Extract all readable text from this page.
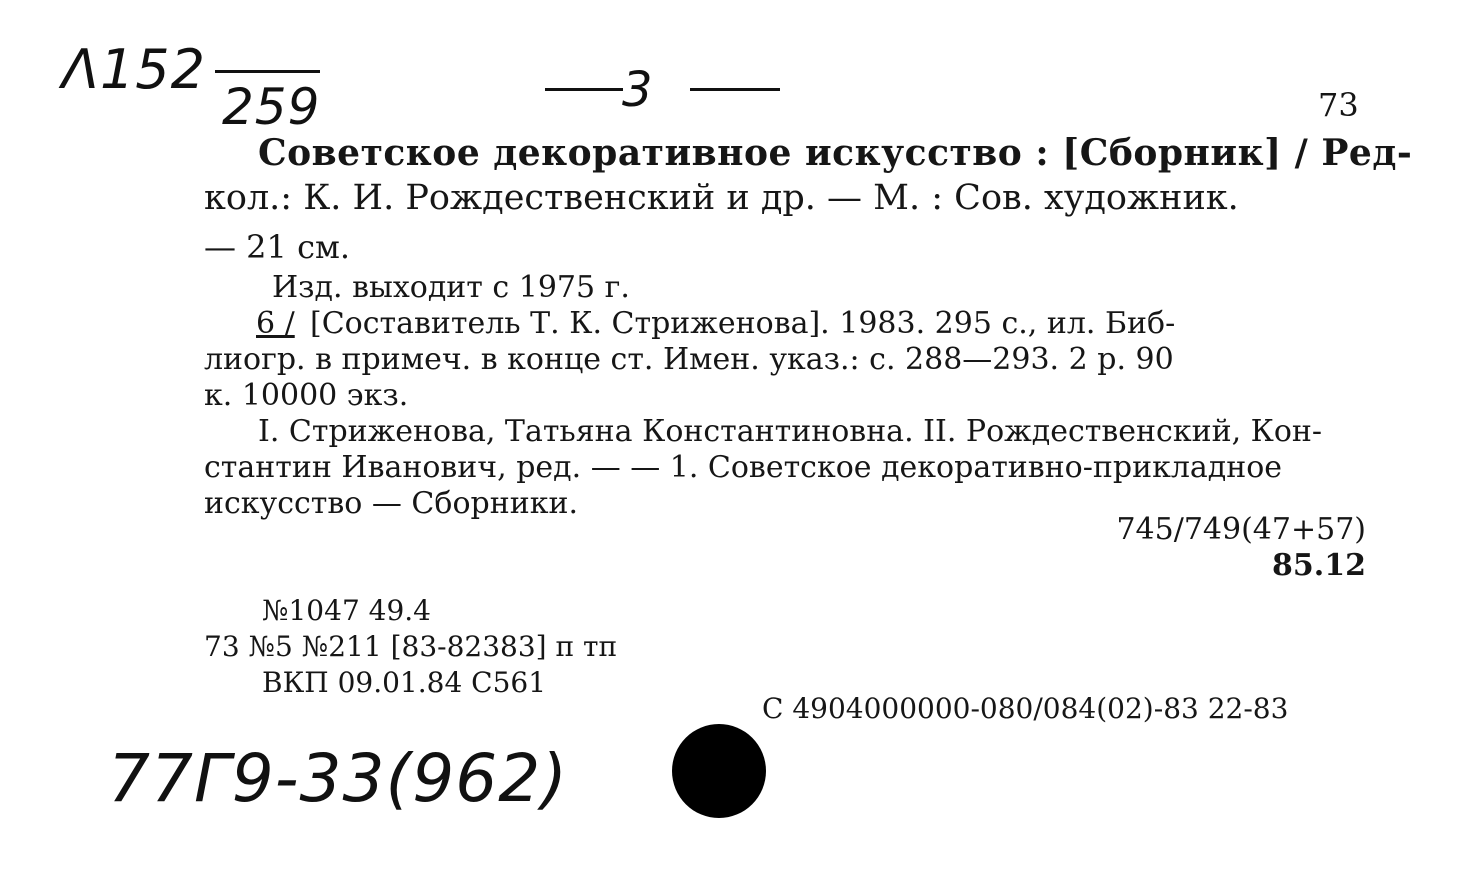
Λ152
259	3	73
Советское декоративное искусство : [Сборник] / Ред-
кол.: К. И. Рождественский и др. — М. : Сов. художник.
— 21 см.
Изд. выходит с 1975 г.
6 / [Составитель Т. К. Стриженова]. 1983. 295 с., ил. Биб-
лиогр. в примеч. в конце ст. Имен. указ.: с. 288—293. 2 р. 90
к. 10000 экз.
I. Стриженова, Татьяна Константиновна. II. Рождественский, Кон-
стантин Иванович, ред. — — 1. Советское декоративно-прикладное
искусство — Сборники.
745/749(47+57)
85.12
№1047 49.4
73 №5 №211 [83-82383] п тп
ВКП 09.01.84 С561
С 4904000000-080/084(02)-83 22-83
77Г9-33(962)
